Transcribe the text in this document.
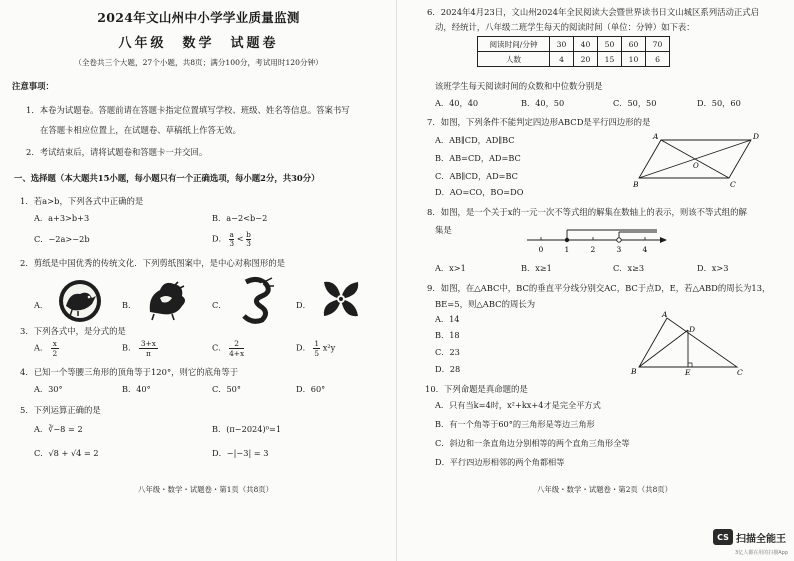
2024年文山州中小学学业质量监测
八年级　数学　试题卷
（全卷共三个大题，27个小题，共8页；满分100分，考试用时120分钟）
注意事项：
1．本卷为试题卷。答题前请在答题卡指定位置填写学校、班级、姓名等信息。答案书写
在答题卡相应位置上，在试题卷、草稿纸上作答无效。
2．考试结束后，请将试题卷和答题卡一并交回。
一、选择题（本大题共15小题，每小题只有一个正确选项，每小题2分，共30分）
1．若a>b，下列各式中正确的是
A．a+3>b+3	B．a−2<b−2
C．−2a>−2b	D． $\frac{a}{3} < \frac{b}{3}$
2．剪纸是中国优秀的传统文化．下列剪纸图案中，是中心对称图形的是
A．	B．	C．	D．
3．下列各式中，是分式的是
A． $\frac{x}{2}$	B． $\frac{3+x}{\pi}$	C． $\frac{2}{4+x}$	D． $\frac{1}{5} x^2y$
4．已知一个等腰三角形的顶角等于120°，则它的底角等于
A．30°	B．40°	C．50°	D．60°
5．下列运算正确的是
A．∛−8 = 2	B．(π−2024)⁰=1
C．√8 + √4 = 2	D．−|−3| = 3
八年级・数学・试题卷・第1页（共8页）
6．2024年4月23日，文山州2024年全民阅读大会暨世界读书日文山城区系列活动正式启
动，经统计，八年级二班学生每天的阅读时间（单位：分钟）如下表：
阅读时间/分钟	30	40	50	60	70
人数	4	20	15	10	6
该班学生每天阅读时间的众数和中位数分别是
A．40，40	B．40，50	C．50，50	D．50，60
7．如图，下列条件不能判定四边形ABCD是平行四边形的是
A．AB∥CD，AD∥BC
B．AB=CD，AD=BC
C．AB∥CD，AD=BC
D．AO=CO，BO=DO
A	D
B	C
O
8．如图，是一个关于x的一元一次不等式组的解集在数轴上的表示，则该不等式组的解
集是
0	1	2	3	4
A．x>1	B．x≥1	C．x≥3	D．x>3
9．如图，在△ABC中，BC的垂直平分线分别交AC，BC于点D，E，若△ABD的周长为13，
BE=5，则△ABC的周长为
A．14
B．18
C．23
D．28
A
D
B	E	C
10．下列命题是真命题的是
A．只有当k=4时，x²+kx+4才是完全平方式
B．有一个角等于60°的三角形是等边三角形
C．斜边和一条直角边分别相等的两个直角三角形全等
D．平行四边形相邻的两个角都相等
八年级・数学・试题卷・第2页（共8页）
CS 扫描全能王
3亿人都在用的扫描App
